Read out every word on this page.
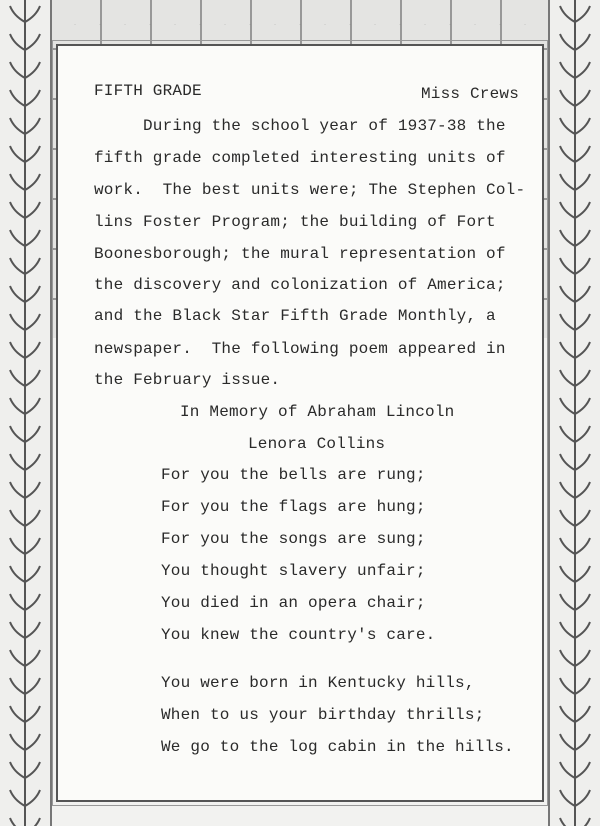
FIFTH GRADE	Miss Crews
During the school year of 1937-38 the
fifth grade completed interesting units of
work.  The best units were; The Stephen Col-
lins Foster Program; the building of Fort
Boonesborough; the mural representation of
the discovery and colonization of America;
and the Black Star Fifth Grade Monthly, a
newspaper.  The following poem appeared in
the February issue.
In Memory of Abraham Lincoln
Lenora Collins
For you the bells are rung;
For you the flags are hung;
For you the songs are sung;
You thought slavery unfair;
You died in an opera chair;
You knew the country's care.
You were born in Kentucky hills,
When to us your birthday thrills;
We go to the log cabin in the hills.
